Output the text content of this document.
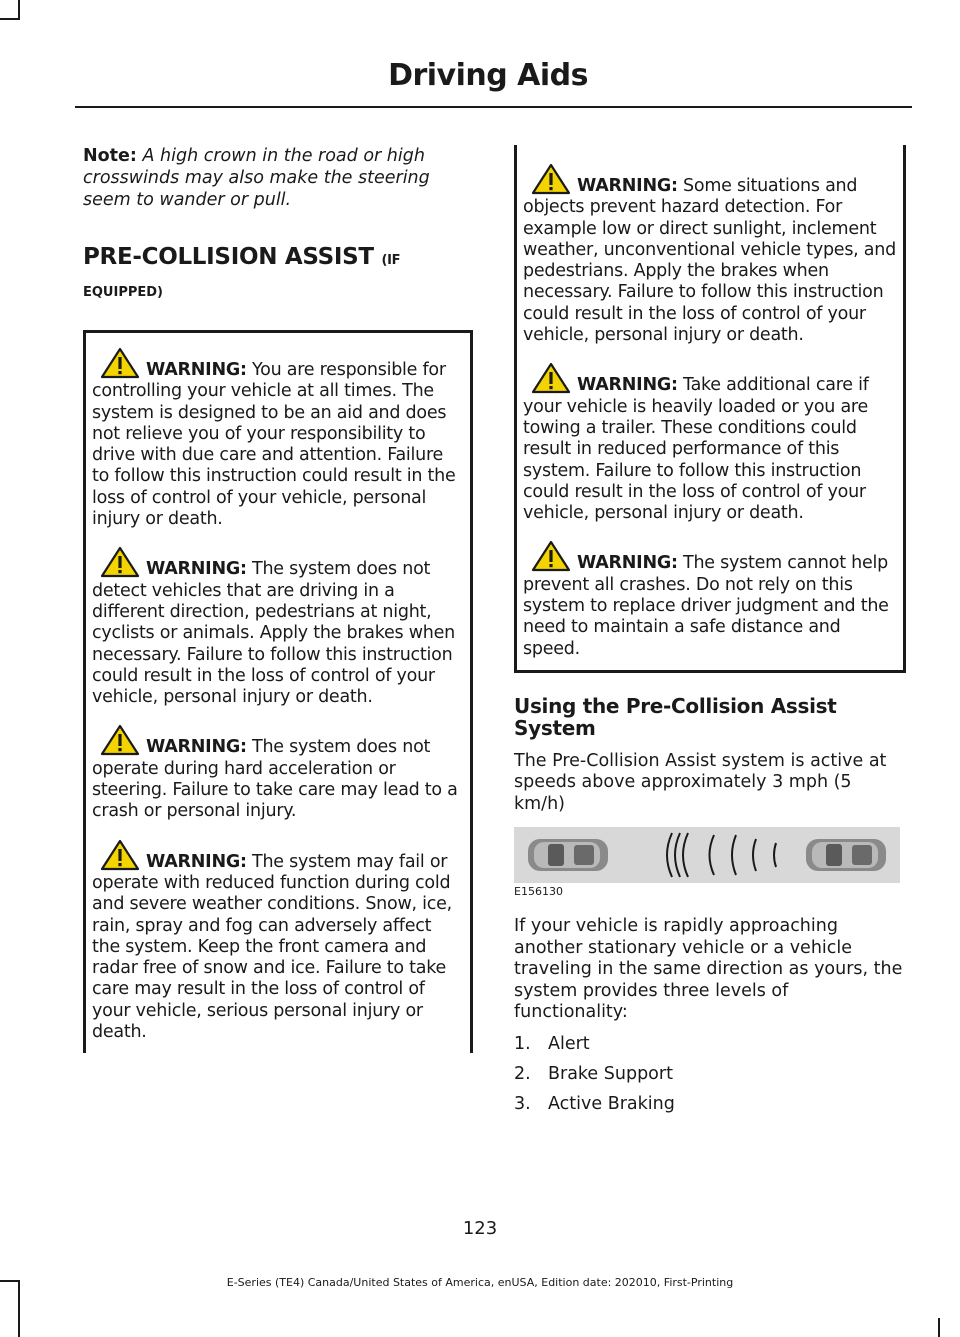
Driving Aids

Note: A high crown in the road or high crosswinds may also make the steering seem to wander or pull.

PRE-COLLISION ASSIST (IF
EQUIPPED)

WARNING: You are responsible for controlling your vehicle at all times. The system is designed to be an aid and does not relieve you of your responsibility to drive with due care and attention. Failure to follow this instruction could result in the loss of control of your vehicle, personal injury or death.

WARNING: The system does not detect vehicles that are driving in a different direction, pedestrians at night, cyclists or animals. Apply the brakes when necessary. Failure to follow this instruction could result in the loss of control of your vehicle, personal injury or death.

WARNING: The system does not operate during hard acceleration or steering. Failure to take care may lead to a crash or personal injury.

WARNING: The system may fail or operate with reduced function during cold and severe weather conditions. Snow, ice, rain, spray and fog can adversely affect the system. Keep the front camera and radar free of snow and ice. Failure to take care may result in the loss of control of your vehicle, serious personal injury or death.

WARNING: Some situations and objects prevent hazard detection. For example low or direct sunlight, inclement weather, unconventional vehicle types, and pedestrians. Apply the brakes when necessary. Failure to follow this instruction could result in the loss of control of your vehicle, personal injury or death.

WARNING: Take additional care if your vehicle is heavily loaded or you are towing a trailer. These conditions could result in reduced performance of this system. Failure to follow this instruction could result in the loss of control of your vehicle, personal injury or death.

WARNING: The system cannot help prevent all crashes. Do not rely on this system to replace driver judgment and the need to maintain a safe distance and speed.

Using the Pre-Collision Assist System

The Pre-Collision Assist system is active at speeds above approximately 3 mph (5 km/h)

E156130

If your vehicle is rapidly approaching another stationary vehicle or a vehicle traveling in the same direction as yours, the system provides three levels of functionality:

1. Alert
2. Brake Support
3. Active Braking
123
E-Series (TE4) Canada/United States of America, enUSA, Edition date: 202010, First-Printing
